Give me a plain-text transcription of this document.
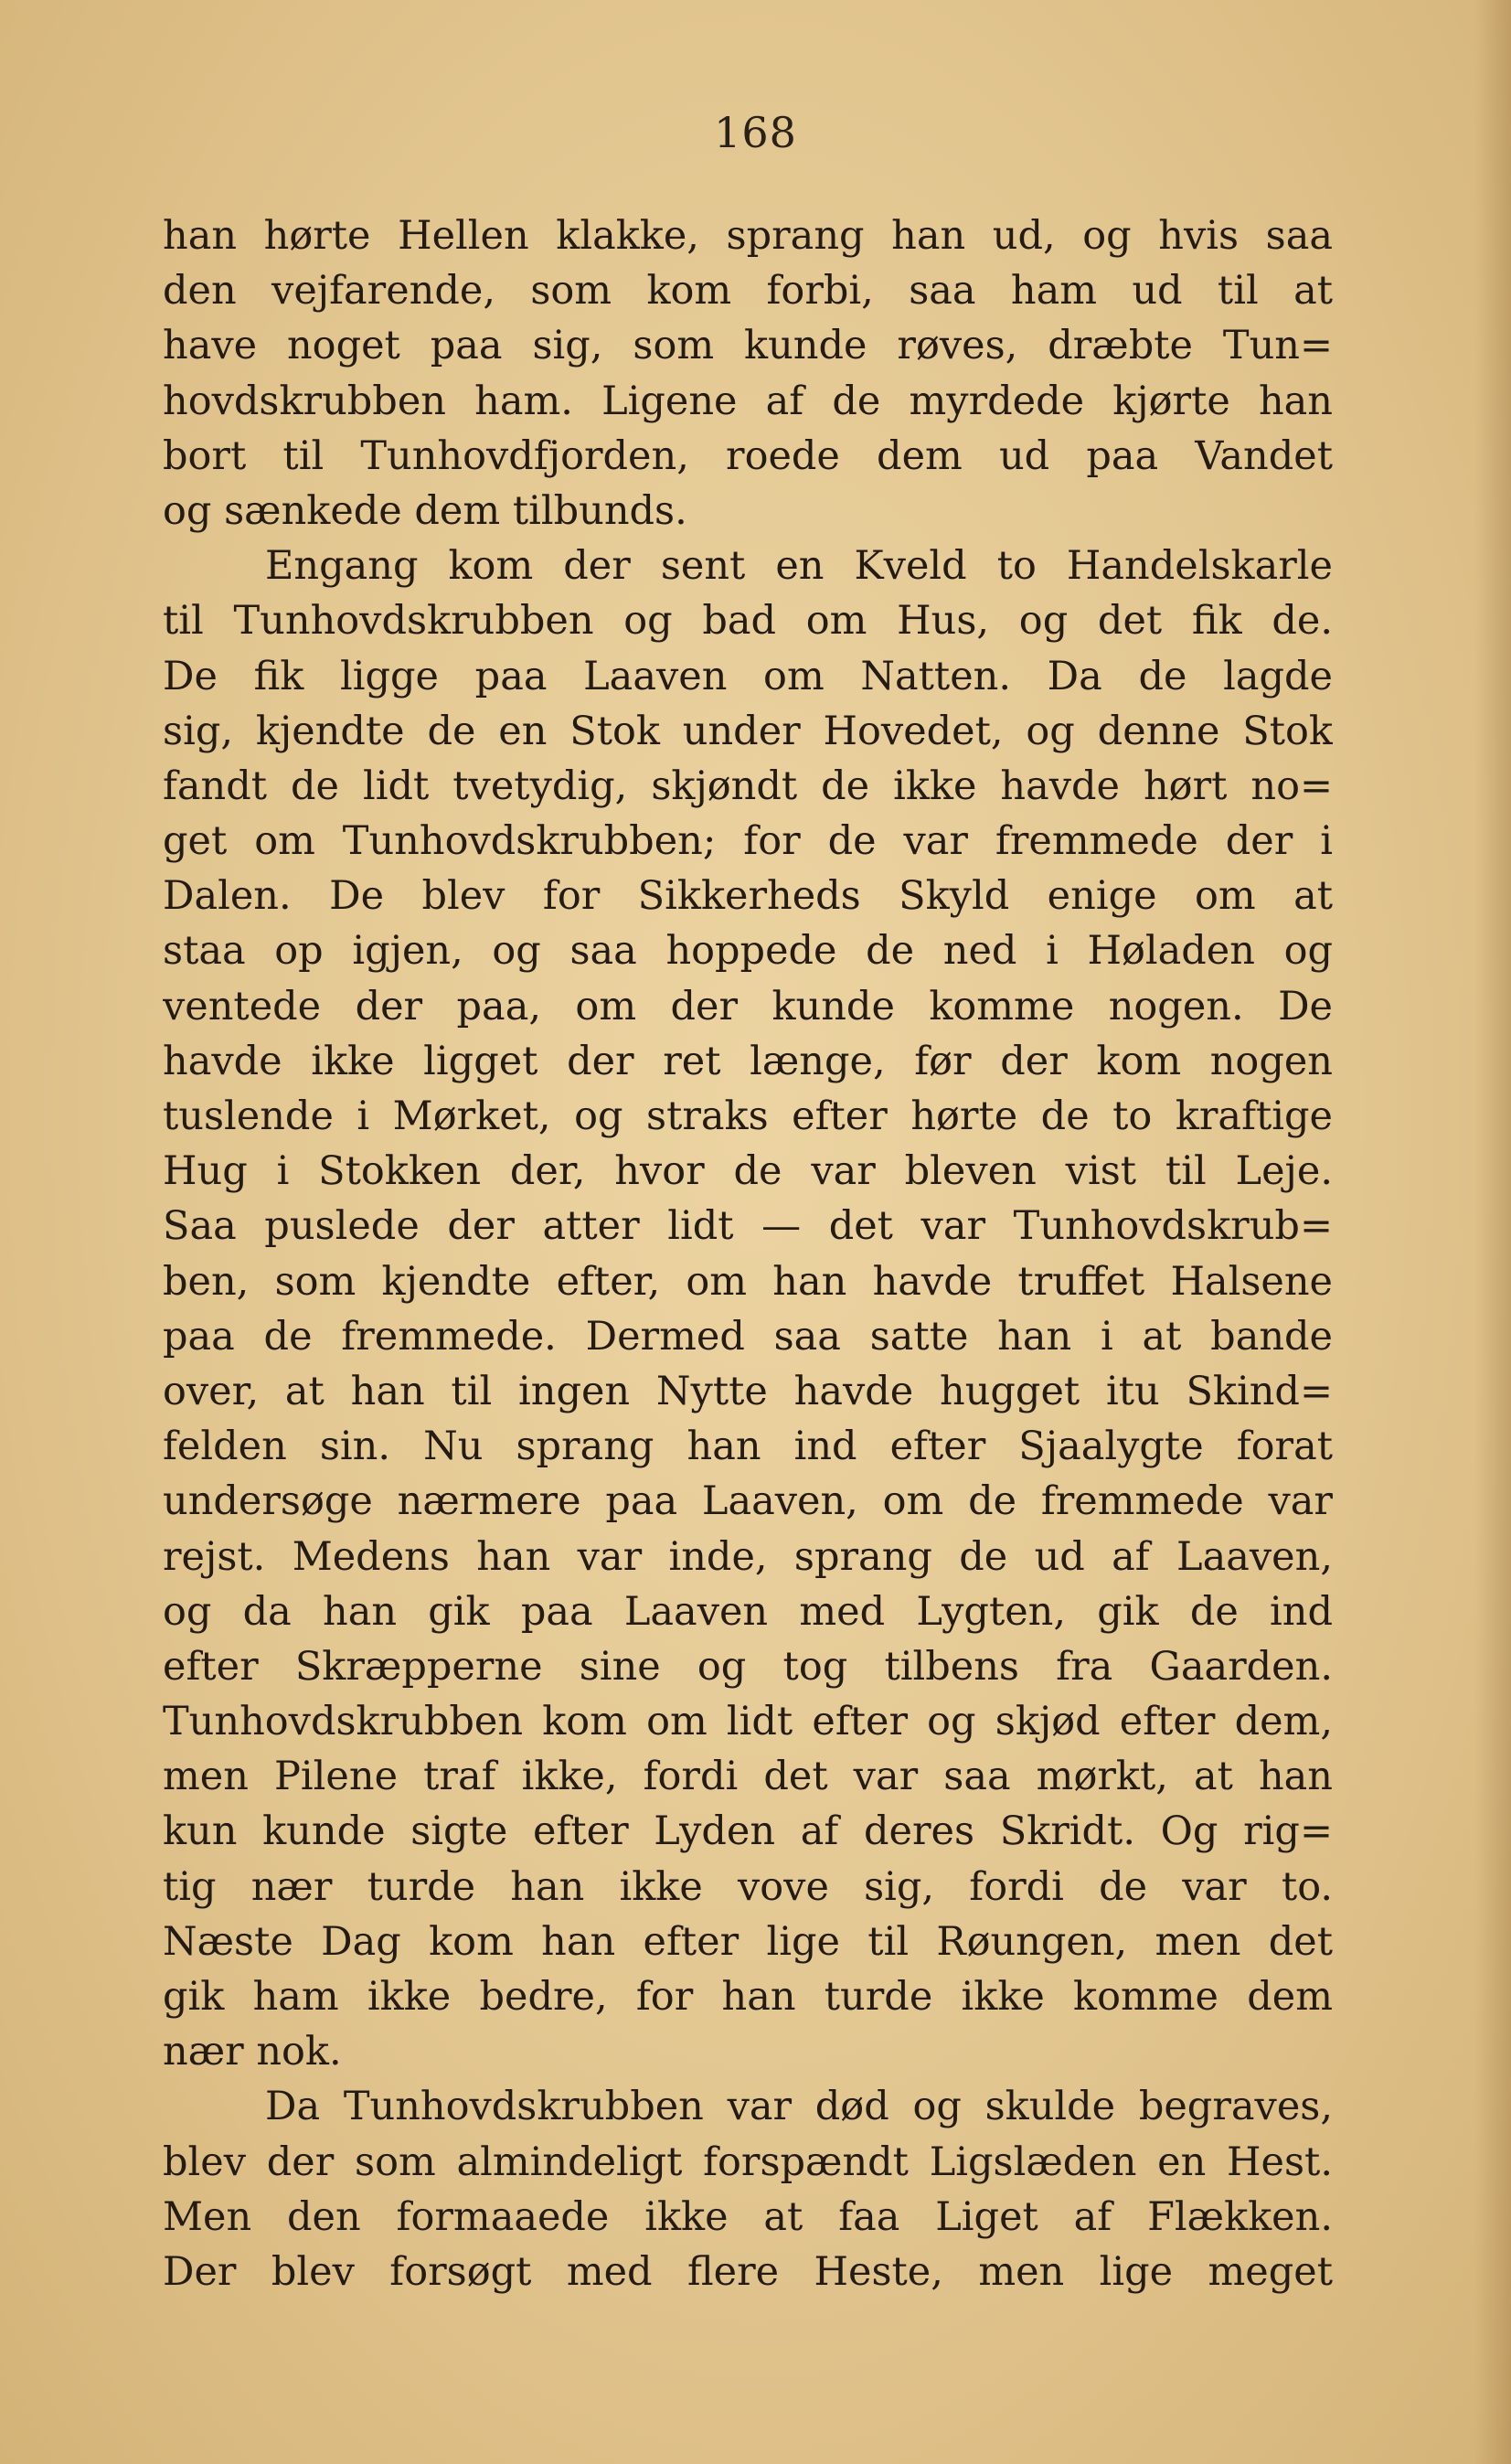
168
han hørte Hellen klakke, sprang han ud, og hvis saa
den vejfarende, som kom forbi, saa ham ud til at
have noget paa sig, som kunde røves, dræbte Tun=
hovdskrubben ham. Ligene af de myrdede kjørte han
bort til Tunhovdfjorden, roede dem ud paa Vandet
og sænkede dem tilbunds.
Engang kom der sent en Kveld to Handelskarle
til Tunhovdskrubben og bad om Hus, og det fik de.
De fik ligge paa Laaven om Natten. Da de lagde
sig, kjendte de en Stok under Hovedet, og denne Stok
fandt de lidt tvetydig, skjøndt de ikke havde hørt no=
get om Tunhovdskrubben; for de var fremmede der i
Dalen. De blev for Sikkerheds Skyld enige om at
staa op igjen, og saa hoppede de ned i Høladen og
ventede der paa, om der kunde komme nogen. De
havde ikke ligget der ret længe, før der kom nogen
tuslende i Mørket, og straks efter hørte de to kraftige
Hug i Stokken der, hvor de var bleven vist til Leje.
Saa puslede der atter lidt — det var Tunhovdskrub=
ben, som kjendte efter, om han havde truffet Halsene
paa de fremmede. Dermed saa satte han i at bande
over, at han til ingen Nytte havde hugget itu Skind=
felden sin. Nu sprang han ind efter Sjaalygte forat
undersøge nærmere paa Laaven, om de fremmede var
rejst. Medens han var inde, sprang de ud af Laaven,
og da han gik paa Laaven med Lygten, gik de ind
efter Skræpperne sine og tog tilbens fra Gaarden.
Tunhovdskrubben kom om lidt efter og skjød efter dem,
men Pilene traf ikke, fordi det var saa mørkt, at han
kun kunde sigte efter Lyden af deres Skridt. Og rig=
tig nær turde han ikke vove sig, fordi de var to.
Næste Dag kom han efter lige til Røungen, men det
gik ham ikke bedre, for han turde ikke komme dem
nær nok.
Da Tunhovdskrubben var død og skulde begraves,
blev der som almindeligt forspændt Ligslæden en Hest.
Men den formaaede ikke at faa Liget af Flækken.
Der blev forsøgt med flere Heste, men lige meget
